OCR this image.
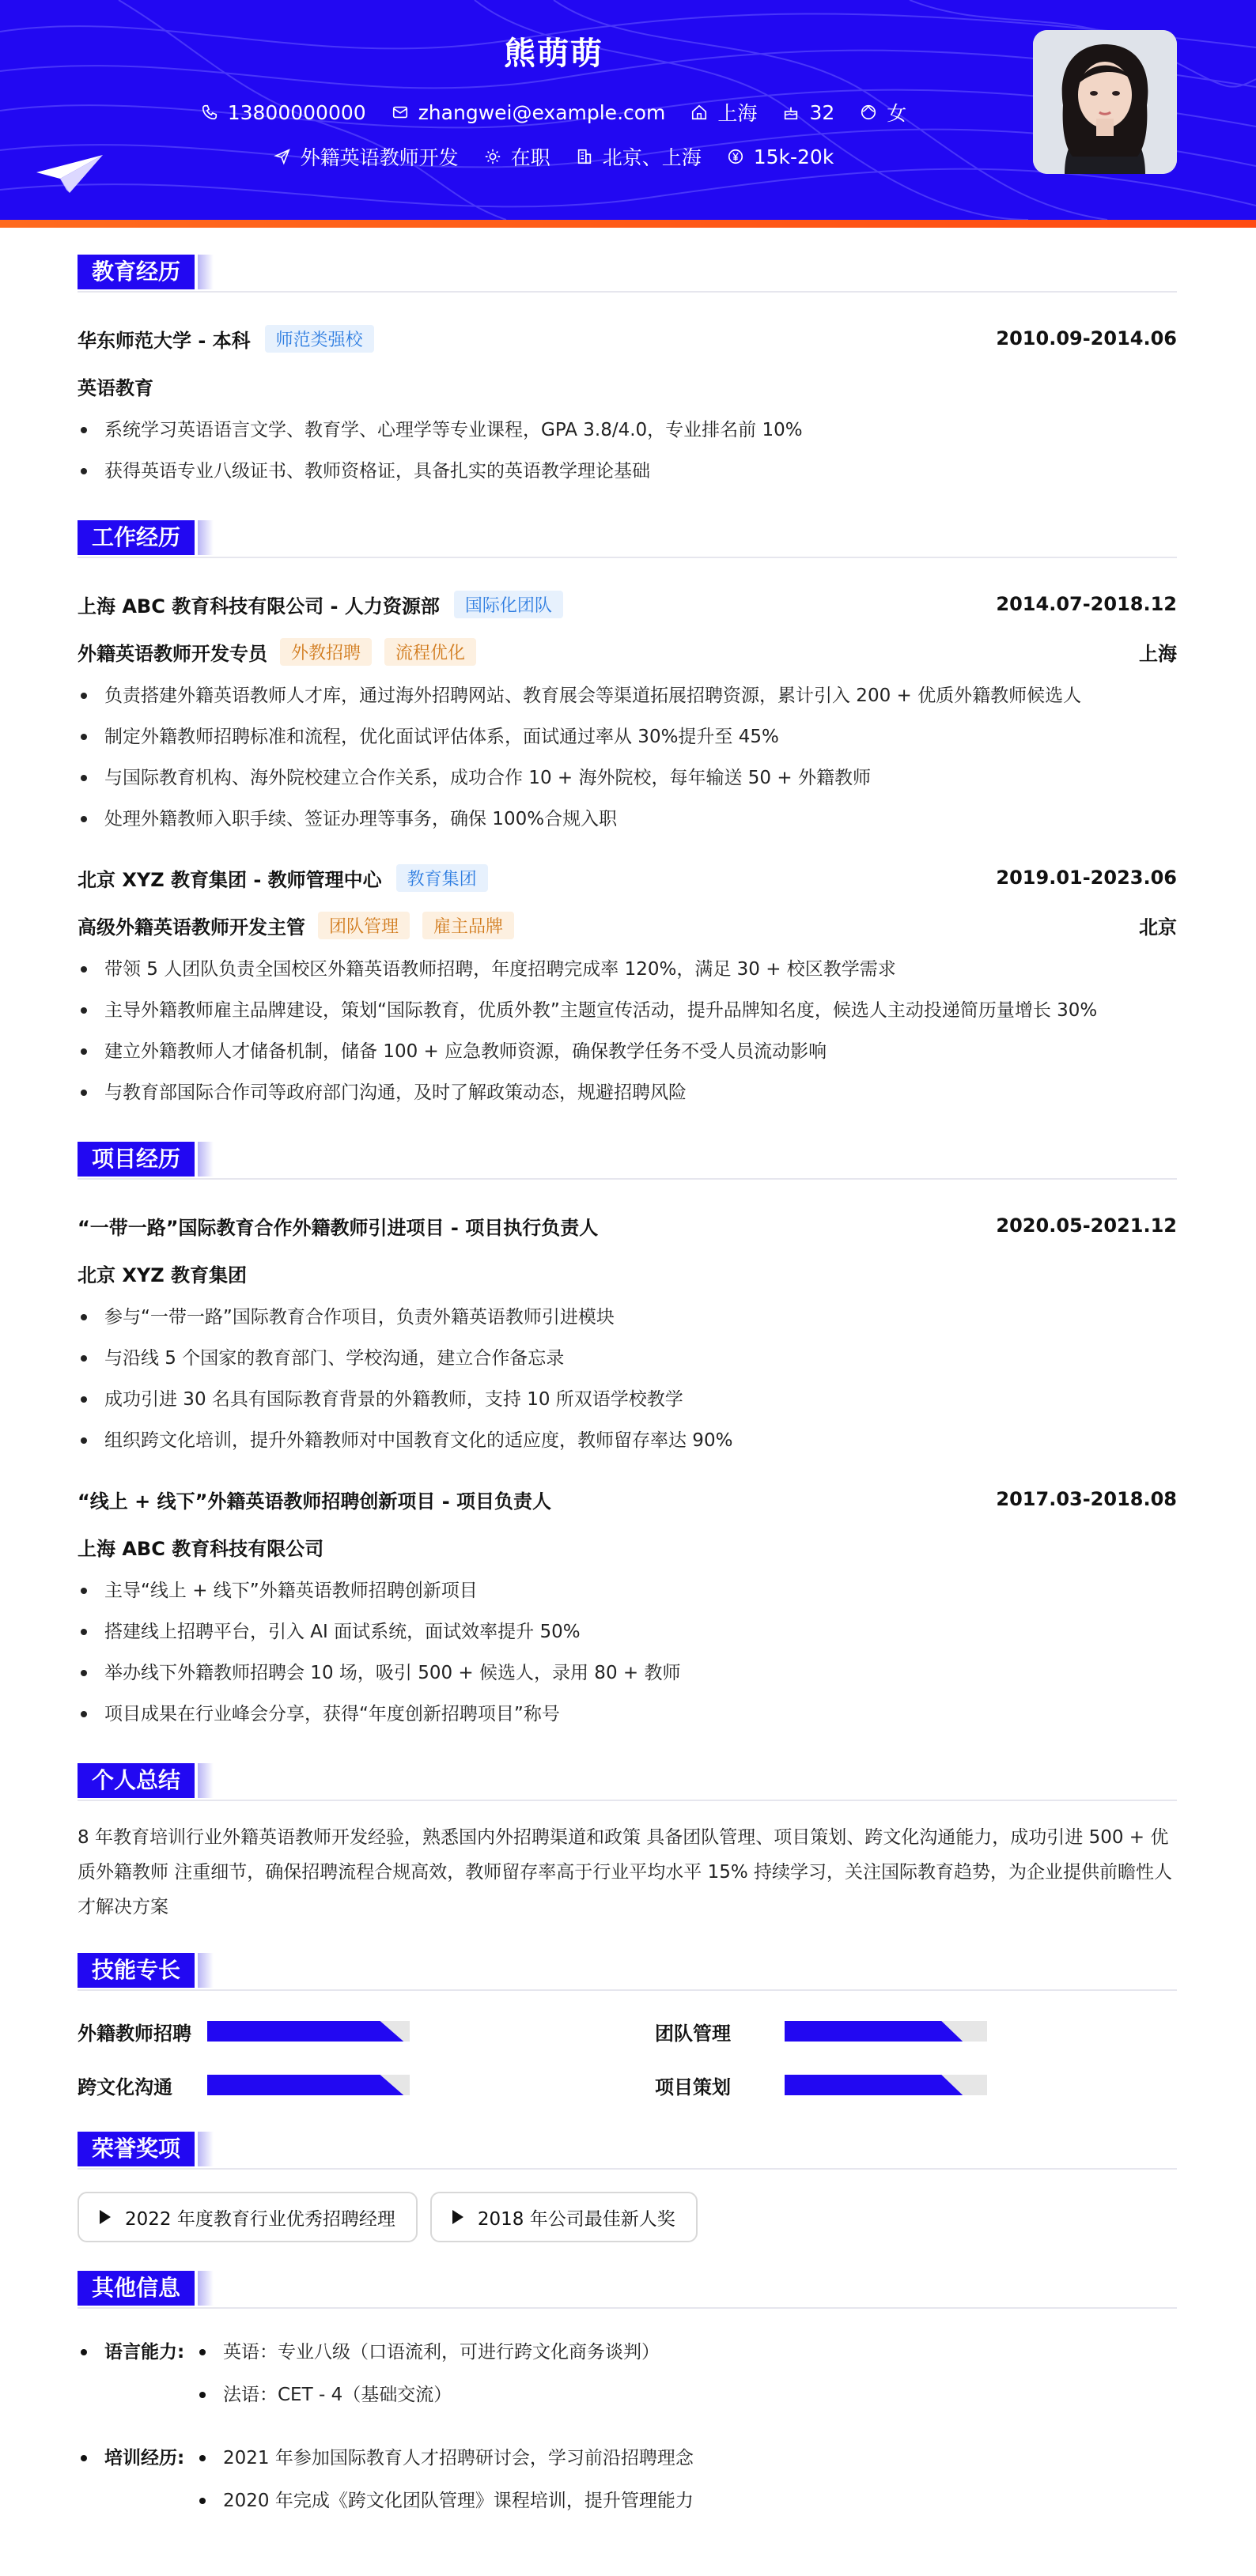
熊萌萌
13800000000	zhangwei@example.com	上海	32	女
外籍英语教师开发	在职	北京、上海	15k-20k
教育经历
华东师范大学 - 本科	师范类强校	2010.09-2014.06
英语教育
系统学习英语语言文学、教育学、心理学等专业课程，GPA 3.8/4.0，专业排名前 10%
获得英语专业八级证书、教师资格证，具备扎实的英语教学理论基础
工作经历
上海 ABC 教育科技有限公司 - 人力资源部	国际化团队	2014.07-2018.12
外籍英语教师开发专员	外教招聘	流程优化	上海
负责搭建外籍英语教师人才库，通过海外招聘网站、教育展会等渠道拓展招聘资源，累计引入 200 + 优质外籍教师候选人
制定外籍教师招聘标准和流程，优化面试评估体系，面试通过率从 30%提升至 45%
与国际教育机构、海外院校建立合作关系，成功合作 10 + 海外院校，每年输送 50 + 外籍教师
处理外籍教师入职手续、签证办理等事务，确保 100%合规入职
北京 XYZ 教育集团 - 教师管理中心	教育集团	2019.01-2023.06
高级外籍英语教师开发主管	团队管理	雇主品牌	北京
带领 5 人团队负责全国校区外籍英语教师招聘，年度招聘完成率 120%，满足 30 + 校区教学需求
主导外籍教师雇主品牌建设，策划“国际教育，优质外教”主题宣传活动，提升品牌知名度，候选人主动投递简历量增长 30%
建立外籍教师人才储备机制，储备 100 + 应急教师资源，确保教学任务不受人员流动影响
与教育部国际合作司等政府部门沟通，及时了解政策动态，规避招聘风险
项目经历
“一带一路”国际教育合作外籍教师引进项目 - 项目执行负责人	2020.05-2021.12
北京 XYZ 教育集团
参与“一带一路”国际教育合作项目，负责外籍英语教师引进模块
与沿线 5 个国家的教育部门、学校沟通，建立合作备忘录
成功引进 30 名具有国际教育背景的外籍教师，支持 10 所双语学校教学
组织跨文化培训，提升外籍教师对中国教育文化的适应度，教师留存率达 90%
“线上 + 线下”外籍英语教师招聘创新项目 - 项目负责人	2017.03-2018.08
上海 ABC 教育科技有限公司
主导“线上 + 线下”外籍英语教师招聘创新项目
搭建线上招聘平台，引入 AI 面试系统，面试效率提升 50%
举办线下外籍教师招聘会 10 场，吸引 500 + 候选人，录用 80 + 教师
项目成果在行业峰会分享，获得“年度创新招聘项目”称号
个人总结
8 年教育培训行业外籍英语教师开发经验，熟悉国内外招聘渠道和政策 具备团队管理、项目策划、跨文化沟通能力，成功引进 500 + 优质外籍教师 注重细节，确保招聘流程合规高效，教师留存率高于行业平均水平 15% 持续学习，关注国际教育趋势，为企业提供前瞻性人才解决方案
技能专长
外籍教师招聘	团队管理
跨文化沟通	项目策划
荣誉奖项
2022 年度教育行业优秀招聘经理	2018 年公司最佳新人奖
其他信息
语言能力:	英语：专业八级（口语流利，可进行跨文化商务谈判）
法语：CET - 4（基础交流）
培训经历:	2021 年参加国际教育人才招聘研讨会，学习前沿招聘理念
2020 年完成《跨文化团队管理》课程培训，提升管理能力
